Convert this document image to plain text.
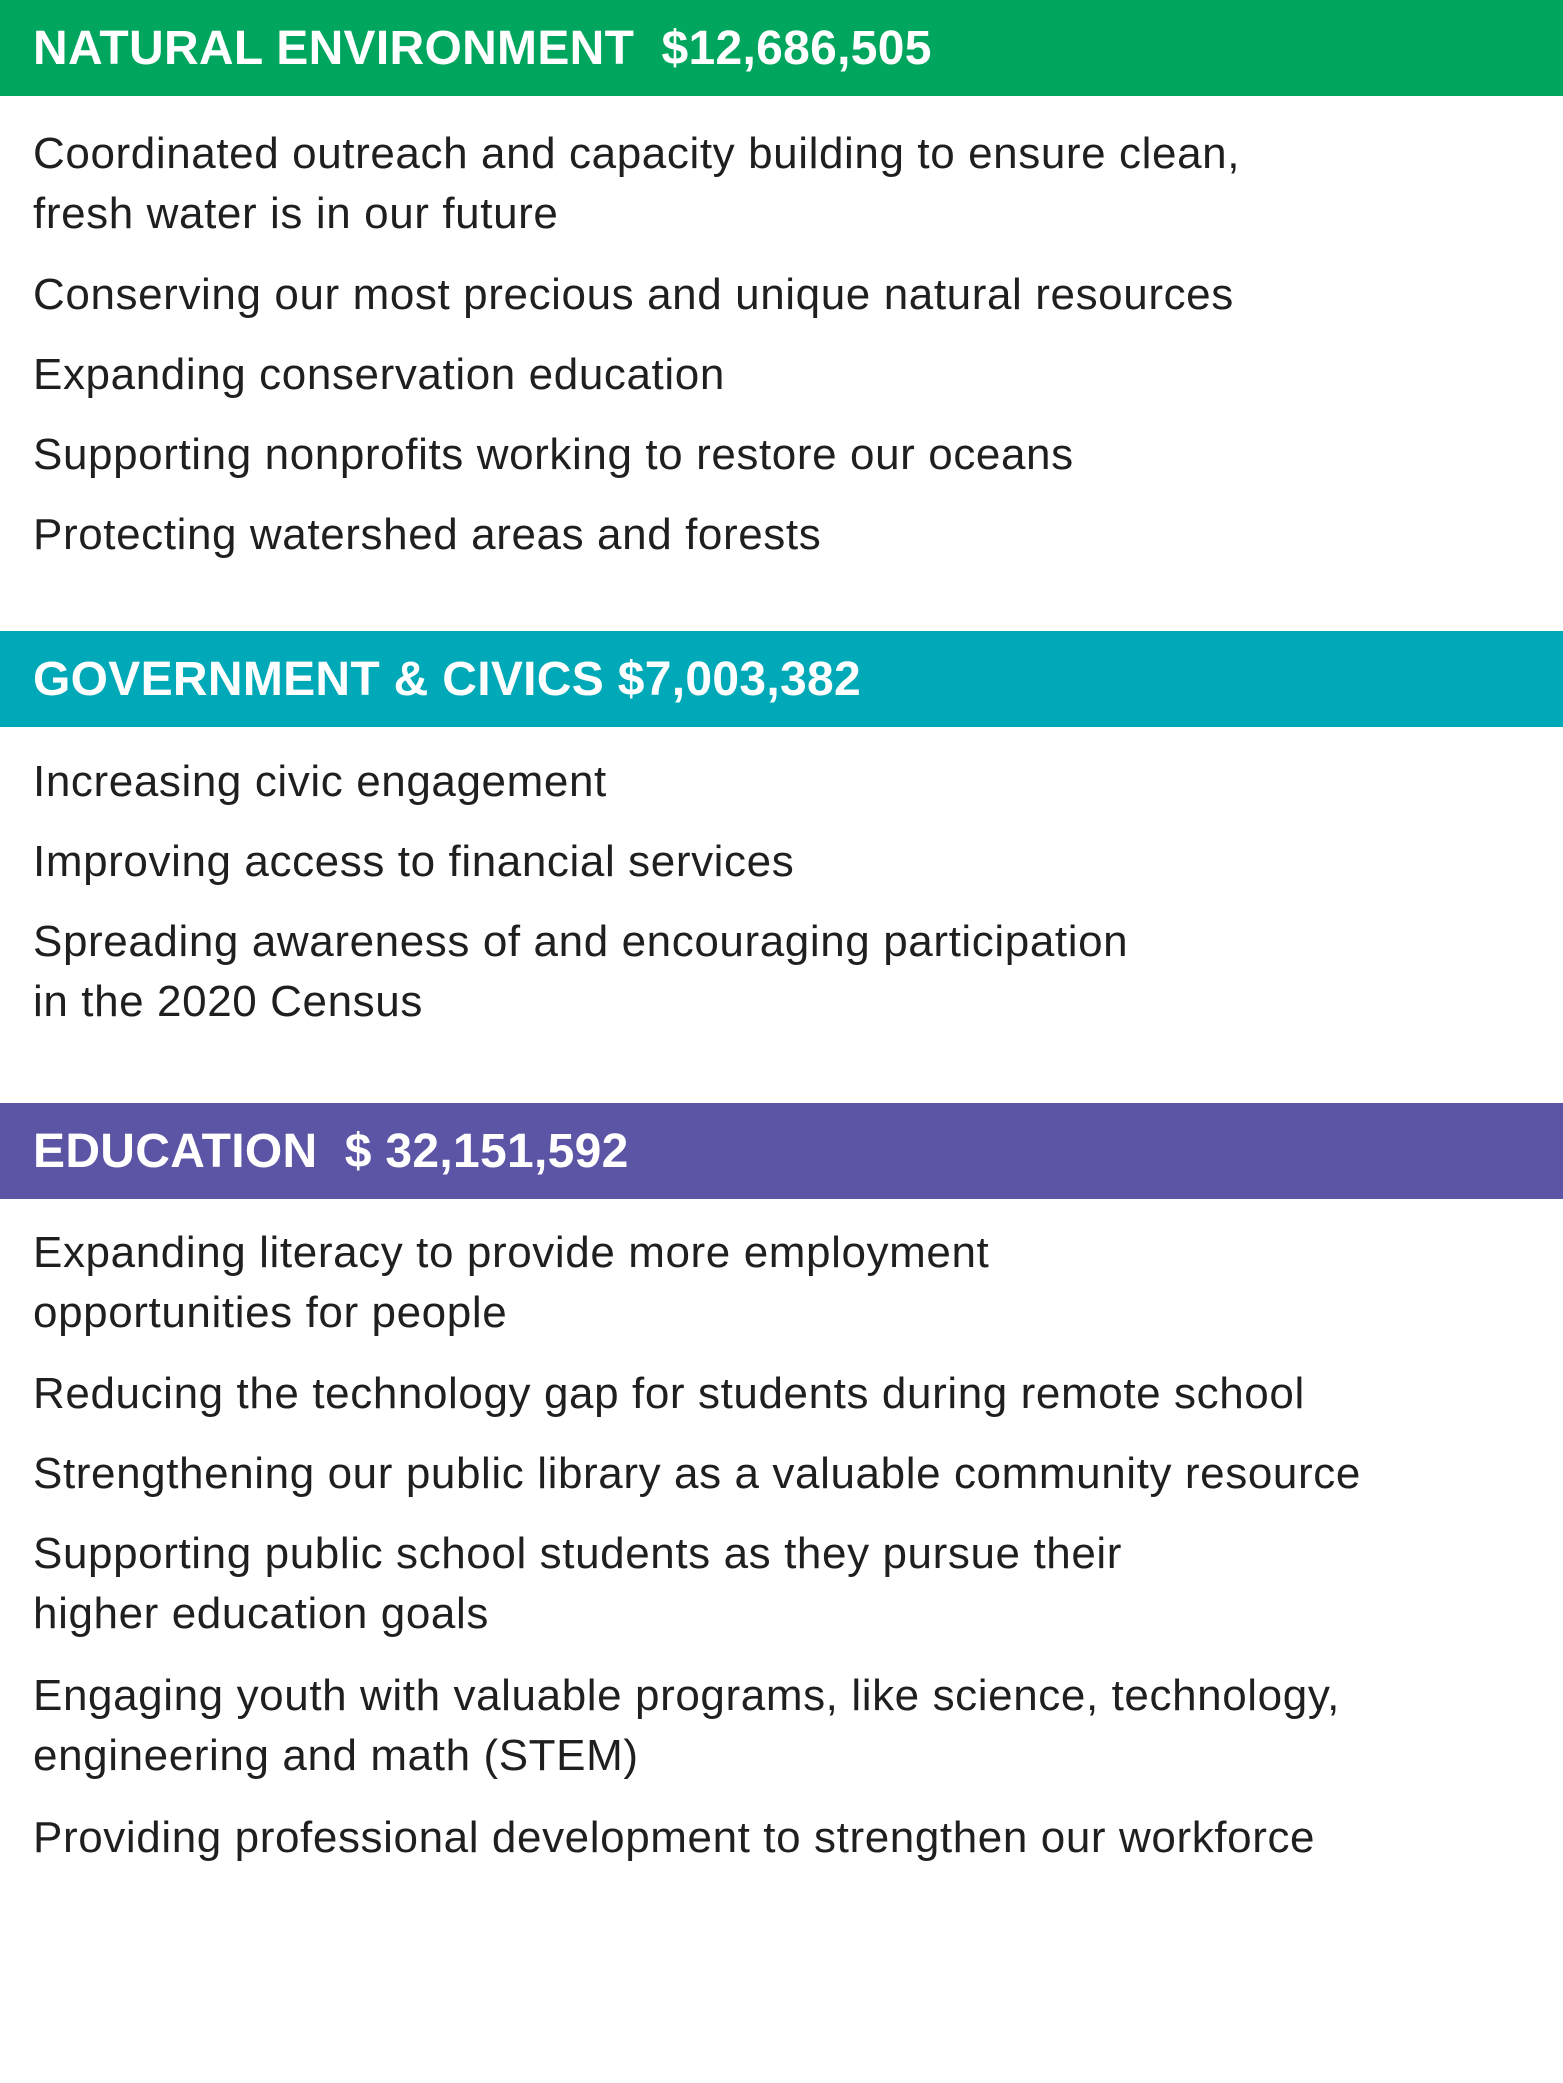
NATURAL ENVIRONMENT  $12,686,505
Coordinated outreach and capacity building to ensure clean,
fresh water is in our future
Conserving our most precious and unique natural resources
Expanding conservation education
Supporting nonprofits working to restore our oceans
Protecting watershed areas and forests
GOVERNMENT & CIVICS $7,003,382
Increasing civic engagement
Improving access to financial services
Spreading awareness of and encouraging participation
in the 2020 Census
EDUCATION  $ 32,151,592
Expanding literacy to provide more employment
opportunities for people
Reducing the technology gap for students during remote school
Strengthening our public library as a valuable community resource
Supporting public school students as they pursue their
higher education goals
Engaging youth with valuable programs, like science, technology,
engineering and math (STEM)
Providing professional development to strengthen our workforce
